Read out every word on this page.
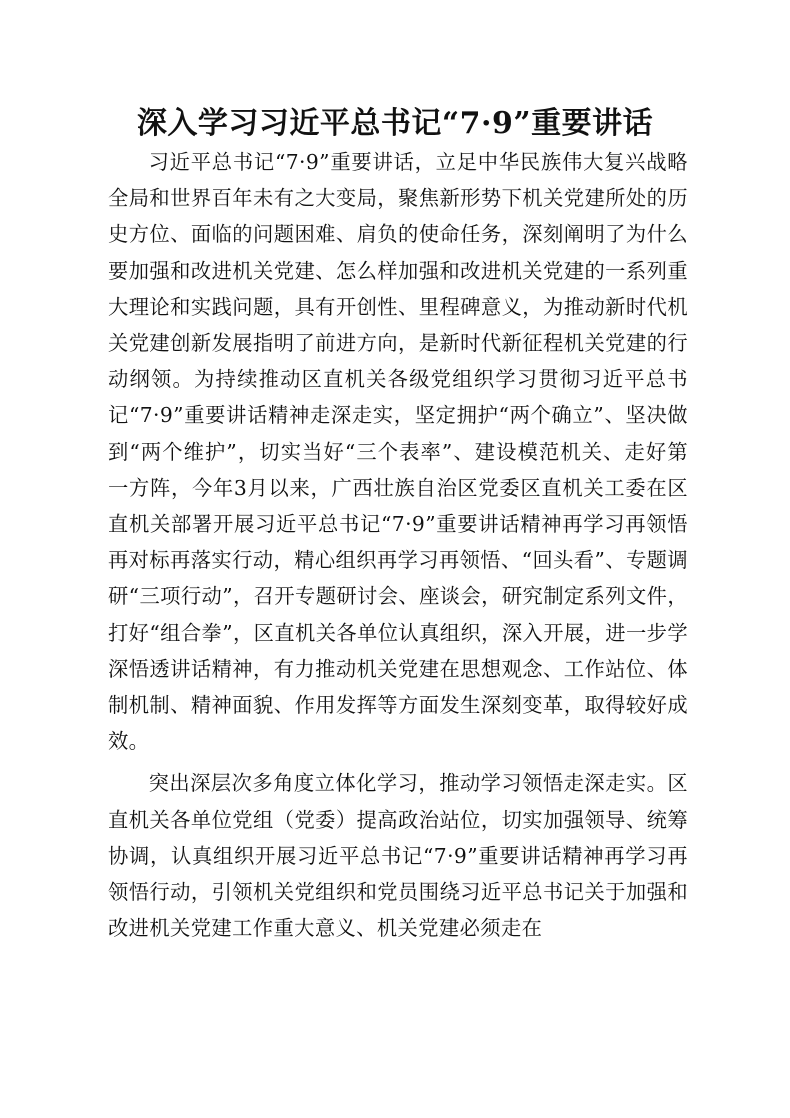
深入学习习近平总书记“7·9”重要讲话

习近平总书记“7·9”重要讲话，立足中华民族伟大复兴战略全局和世界百年未有之大变局，聚焦新形势下机关党建所处的历史方位、面临的问题困难、肩负的使命任务，深刻阐明了为什么要加强和改进机关党建、怎么样加强和改进机关党建的一系列重大理论和实践问题，具有开创性、里程碑意义，为推动新时代机关党建创新发展指明了前进方向，是新时代新征程机关党建的行动纲领。为持续推动区直机关各级党组织学习贯彻习近平总书记“7·9”重要讲话精神走深走实，坚定拥护“两个确立”、坚决做到“两个维护”，切实当好“三个表率”、建设模范机关、走好第一方阵，今年3月以来，广西壮族自治区党委区直机关工委在区直机关部署开展习近平总书记“7·9”重要讲话精神再学习再领悟再对标再落实行动，精心组织再学习再领悟、“回头看”、专题调研“三项行动”，召开专题研讨会、座谈会，研究制定系列文件，打好“组合拳”，区直机关各单位认真组织，深入开展，进一步学深悟透讲话精神，有力推动机关党建在思想观念、工作站位、体制机制、精神面貌、作用发挥等方面发生深刻变革，取得较好成效。

突出深层次多角度立体化学习，推动学习领悟走深走实。区直机关各单位党组（党委）提高政治站位，切实加强领导、统筹协调，认真组织开展习近平总书记“7·9”重要讲话精神再学习再领悟行动，引领机关党组织和党员围绕习近平总书记关于加强和改进机关党建工作重大意义、机关党建必须走在
